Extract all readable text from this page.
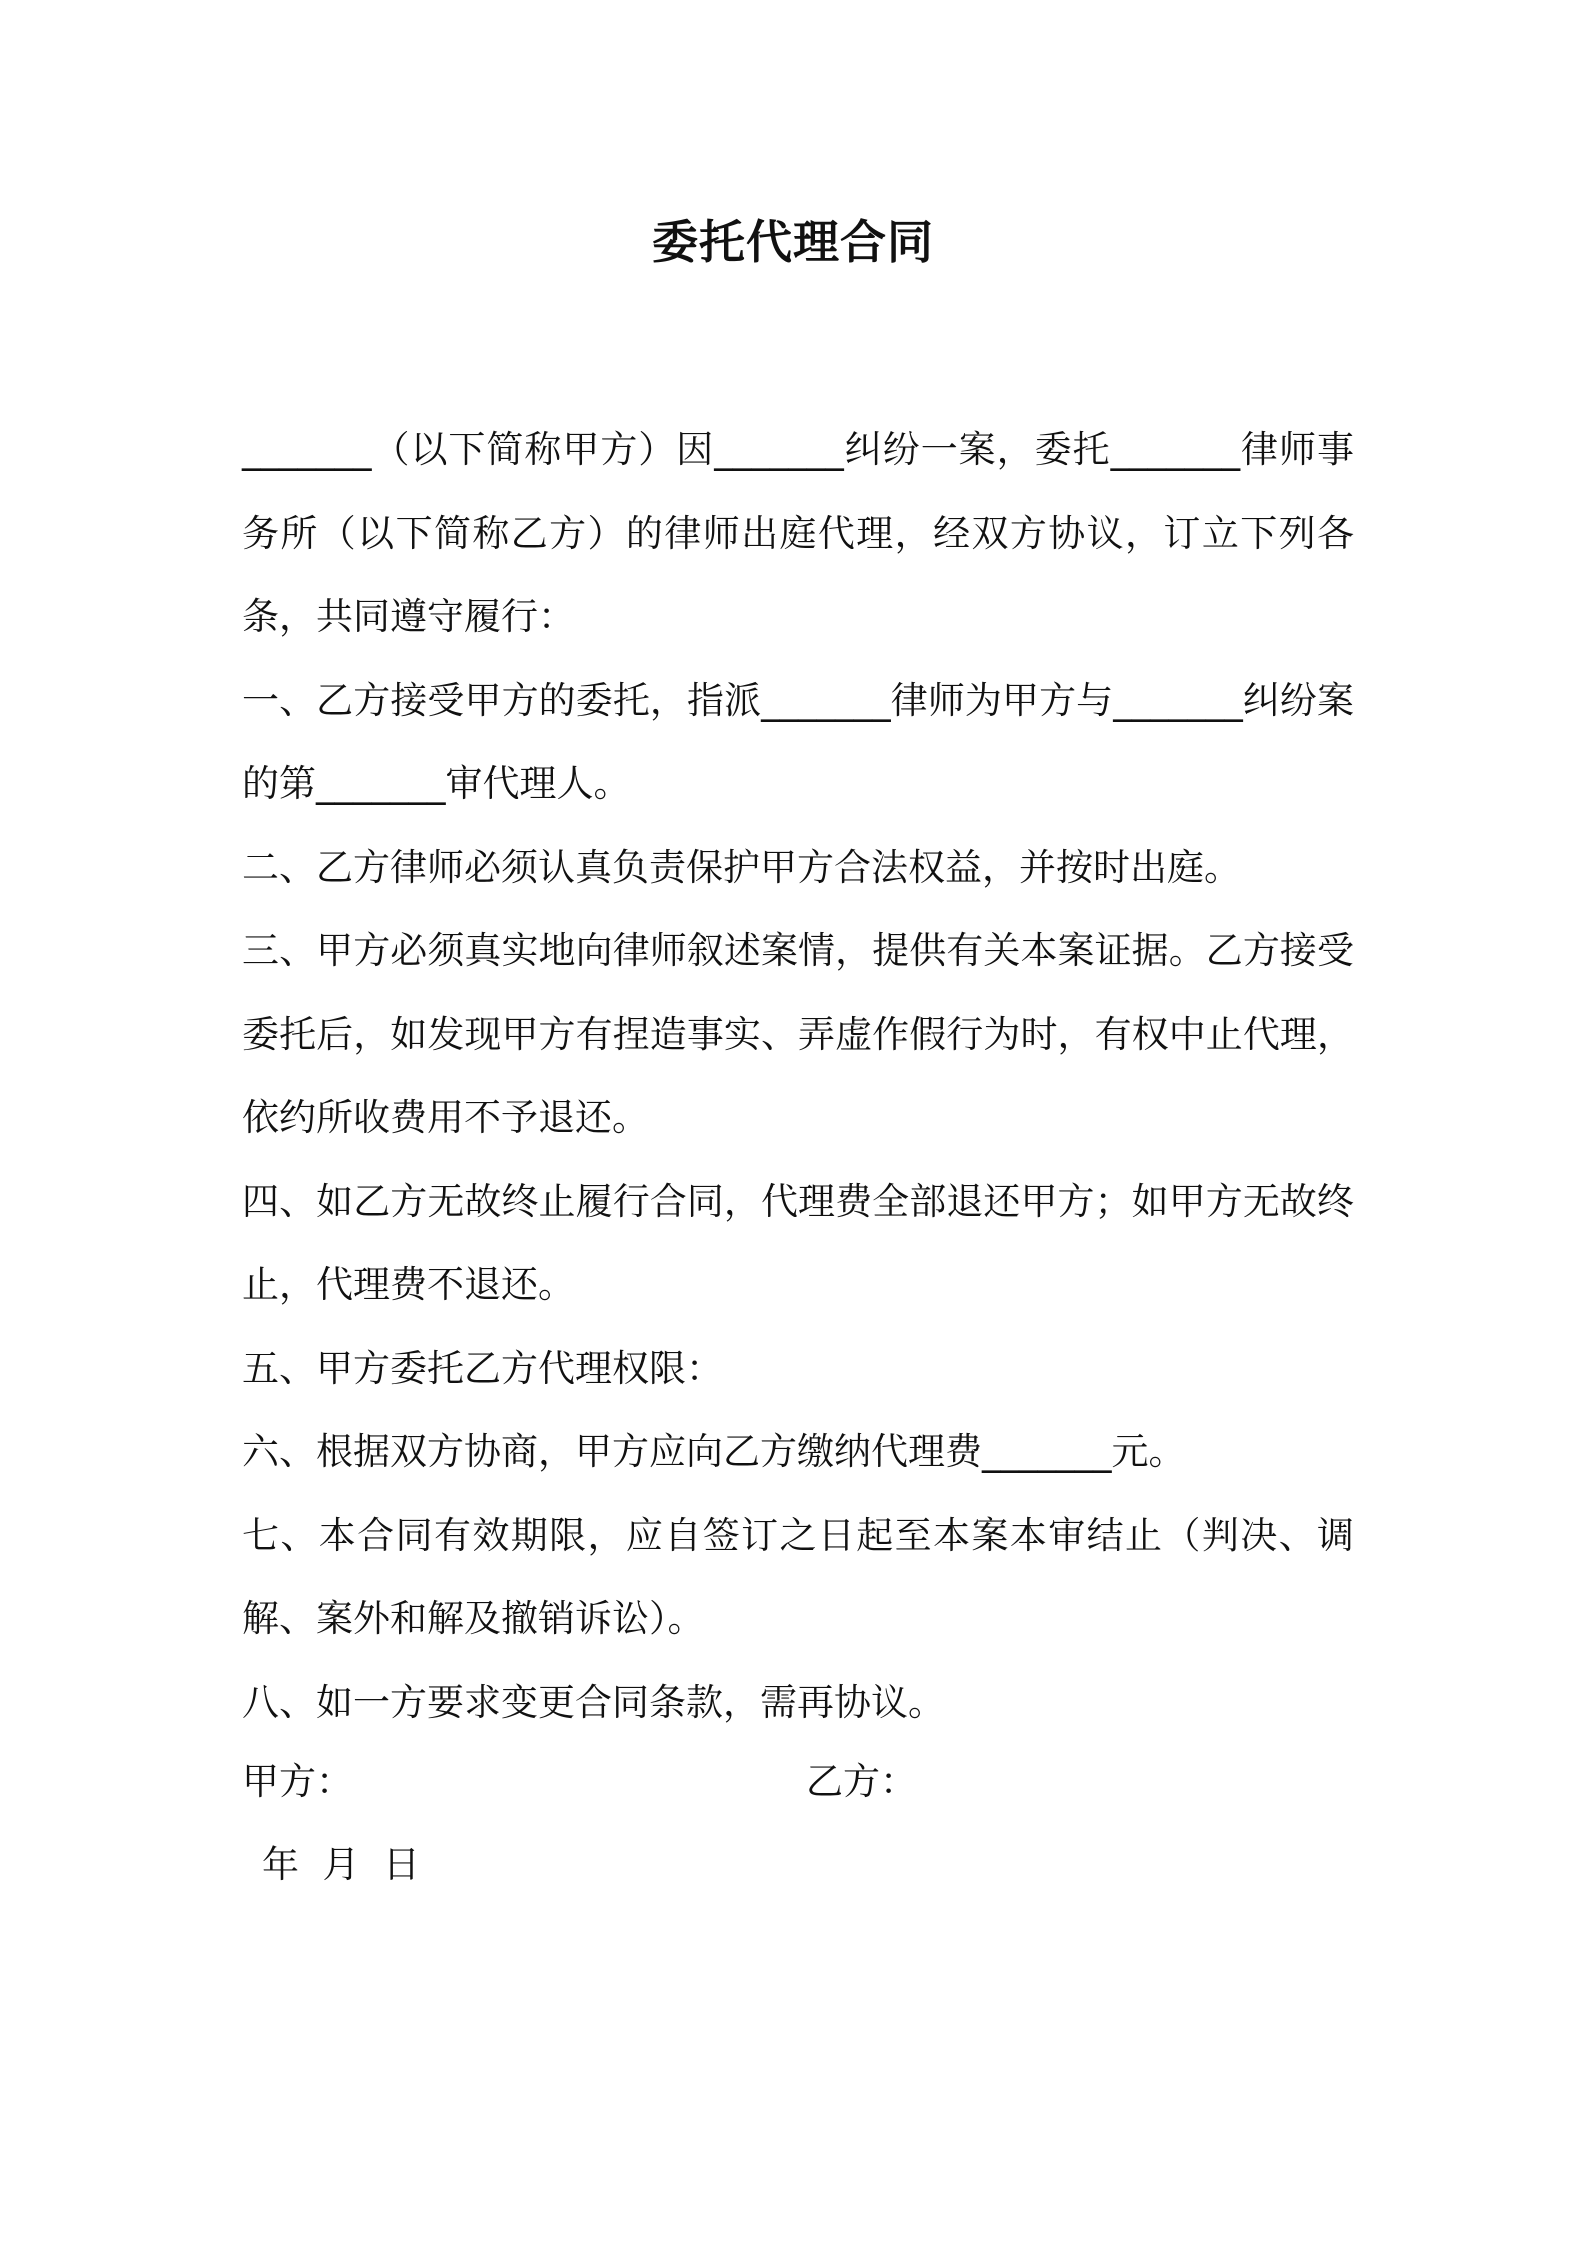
委托代理合同

_______（以下简称甲方）因_______纠纷一案，委托_______律师事务所（以下简称乙方）的律师出庭代理，经双方协议，订立下列各条，共同遵守履行：

一、乙方接受甲方的委托，指派_______律师为甲方与_______纠纷案的第_______审代理人。

二、乙方律师必须认真负责保护甲方合法权益，并按时出庭。

三、甲方必须真实地向律师叙述案情，提供有关本案证据。乙方接受委托后，如发现甲方有捏造事实、弄虚作假行为时，有权中止代理，依约所收费用不予退还。

四、如乙方无故终止履行合同，代理费全部退还甲方；如甲方无故终止，代理费不退还。

五、甲方委托乙方代理权限：

六、根据双方协商，甲方应向乙方缴纳代理费_______元。

七、本合同有效期限，应自签订之日起至本案本审结止（判决、调解、案外和解及撤销诉讼）。

八、如一方要求变更合同条款，需再协议。

甲方：	乙方：
年  月  日
